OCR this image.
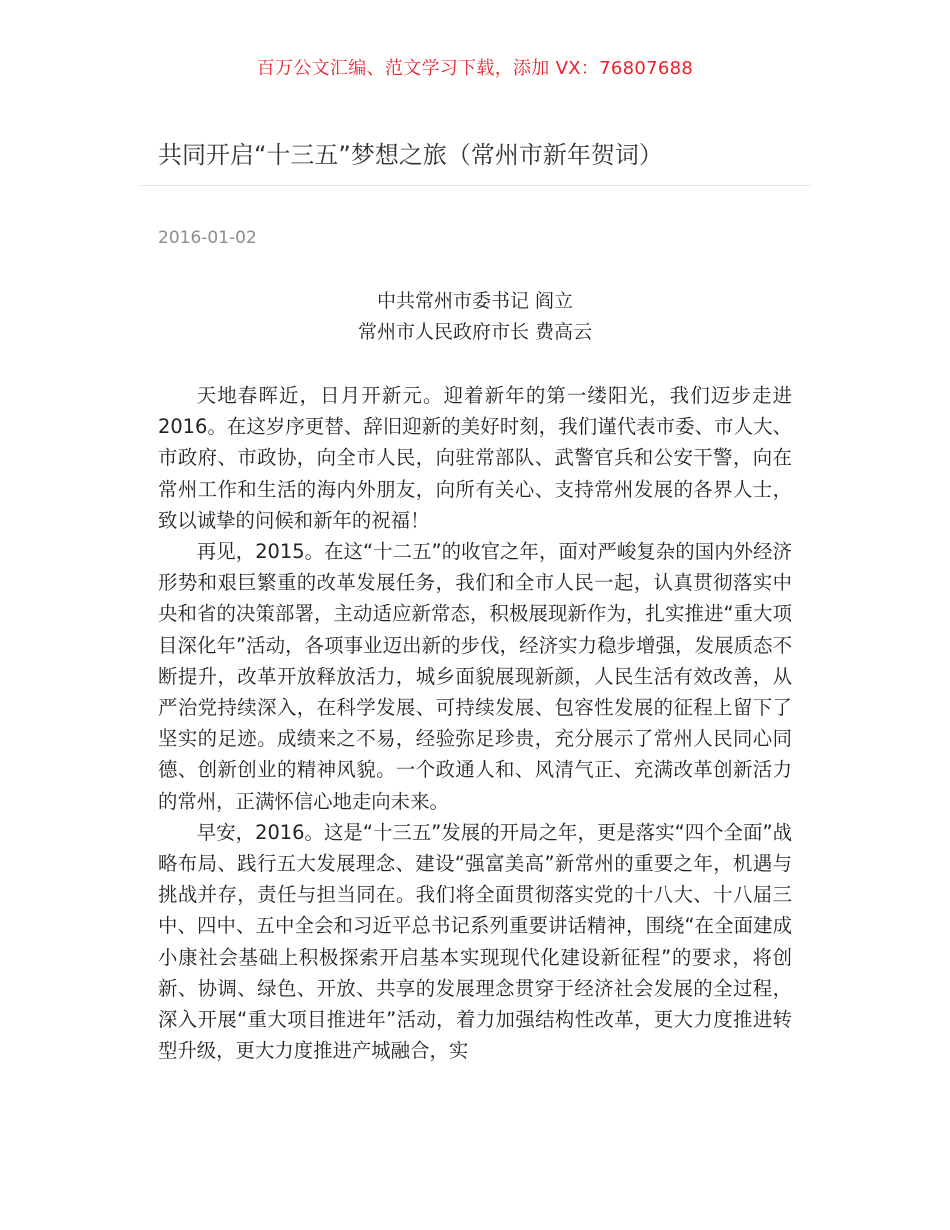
百万公文汇编、范文学习下载，添加 VX：76807688
共同开启“十三五”梦想之旅（常州市新年贺词）
2016-01-02
中共常州市委书记 阎立
常州市人民政府市长 费高云

天地春晖近，日月开新元。迎着新年的第一缕阳光，我们迈步走进 2016。在这岁序更替、辞旧迎新的美好时刻，我们谨代表市委、市人大、市政府、市政协，向全市人民，向驻常部队、武警官兵和公安干警，向在常州工作和生活的海内外朋友，向所有关心、支持常州发展的各界人士，致以诚挚的问候和新年的祝福！

再见，2015。在这“十二五”的收官之年，面对严峻复杂的国内外经济形势和艰巨繁重的改革发展任务，我们和全市人民一起，认真贯彻落实中央和省的决策部署，主动适应新常态，积极展现新作为，扎实推进“重大项目深化年”活动，各项事业迈出新的步伐，经济实力稳步增强，发展质态不断提升，改革开放释放活力，城乡面貌展现新颜，人民生活有效改善，从严治党持续深入，在科学发展、可持续发展、包容性发展的征程上留下了坚实的足迹。成绩来之不易，经验弥足珍贵，充分展示了常州人民同心同德、创新创业的精神风貌。一个政通人和、风清气正、充满改革创新活力的常州，正满怀信心地走向未来。

早安，2016。这是“十三五”发展的开局之年，更是落实“四个全面”战略布局、践行五大发展理念、建设“强富美高”新常州的重要之年，机遇与挑战并存，责任与担当同在。我们将全面贯彻落实党的十八大、十八届三中、四中、五中全会和习近平总书记系列重要讲话精神，围绕“在全面建成小康社会基础上积极探索开启基本实现现代化建设新征程”的要求，将创新、协调、绿色、开放、共享的发展理念贯穿于经济社会发展的全过程，深入开展“重大项目推进年”活动，着力加强结构性改革，更大力度推进转型升级，更大力度推进产城融合，实
